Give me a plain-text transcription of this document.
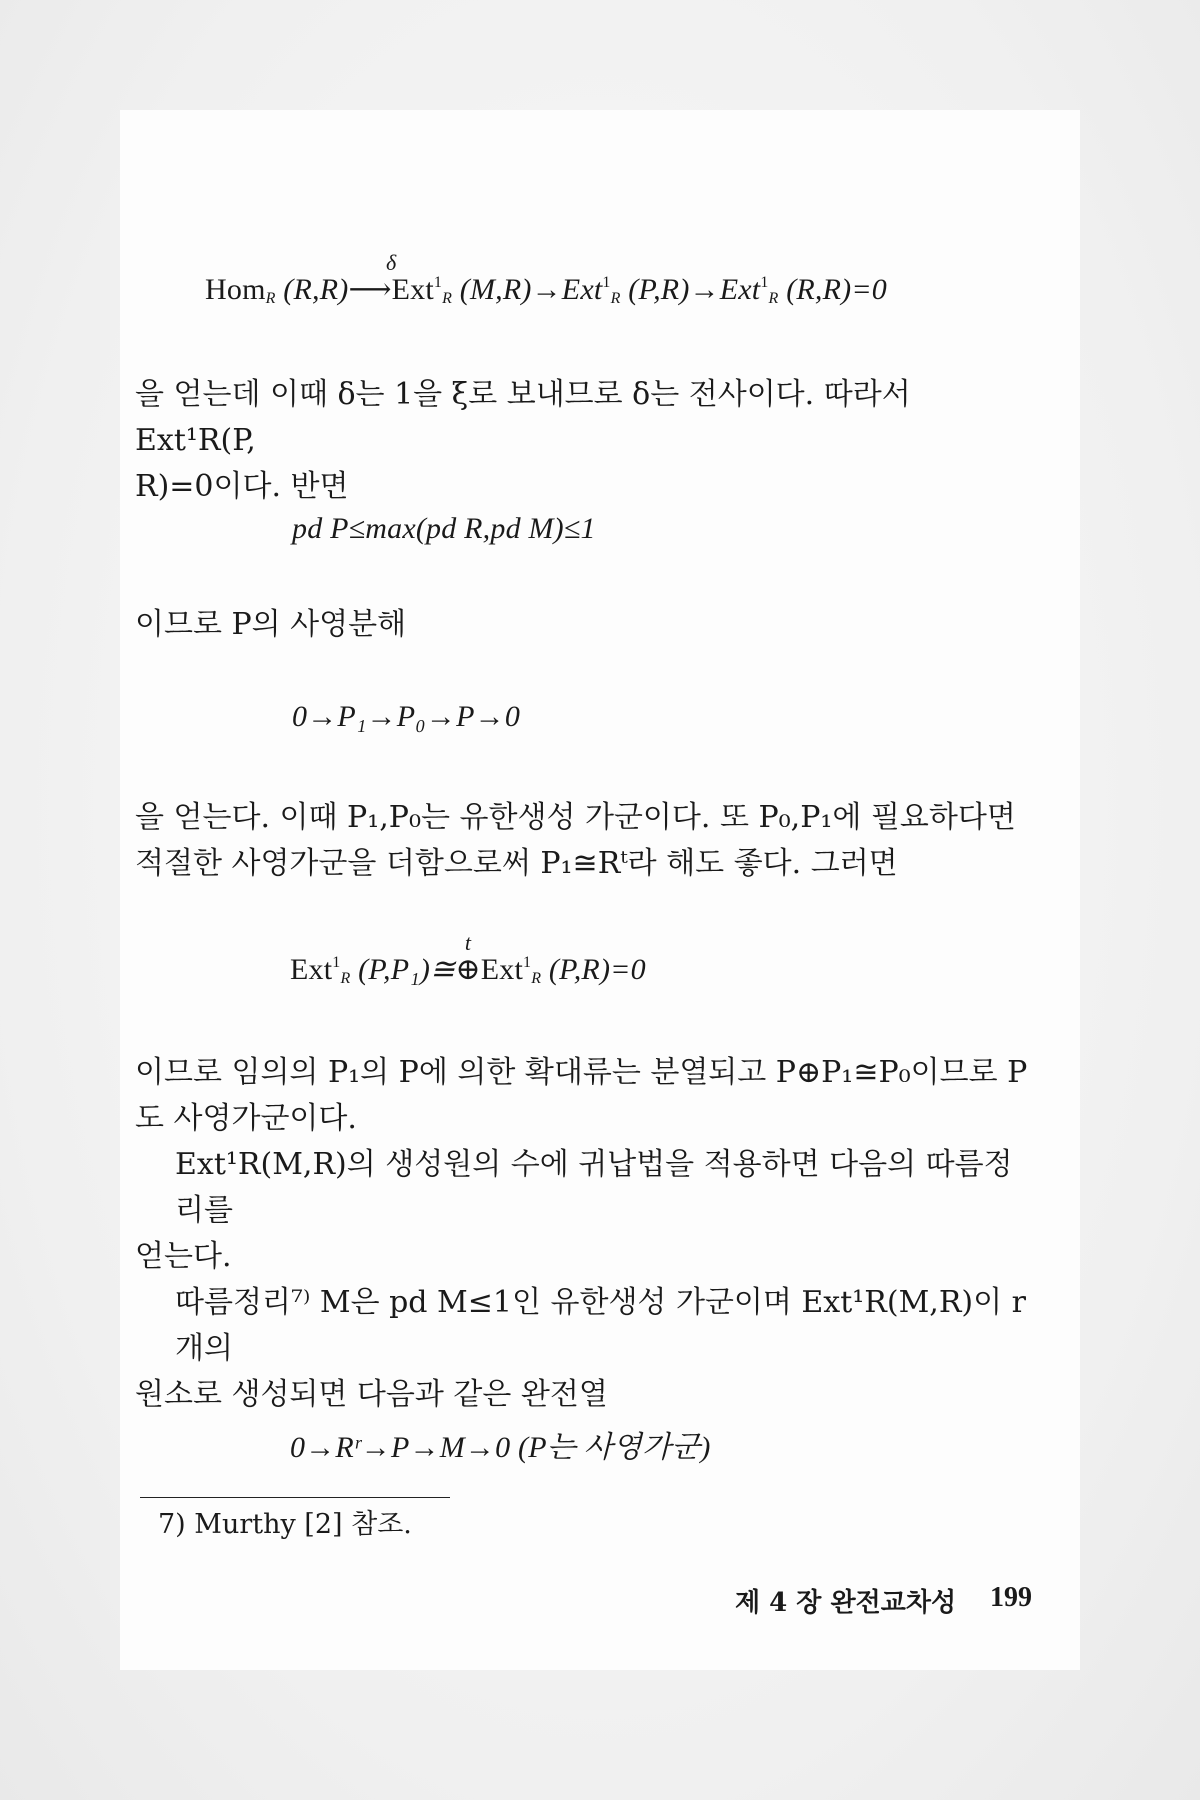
Hom$_R$ (R,R)
δ
⟶Ext$^1_R$ (M,R)→Ext$^1_R$ (P,R)→Ext$^1_R$ (R,R)=0
을 얻는데 이때 δ는 1을 ξ로 보내므로 δ는 전사이다. 따라서 Ext¹R(P,
R)=0이다. 반면
pd P≤max(pd R,pd M)≤1
이므로 P의 사영분해
0→P₁→P₀→P→0
을 얻는다. 이때 P₁,P₀는 유한생성 가군이다. 또 P₀,P₁에 필요하다면
적절한 사영가군을 더함으로써 P₁≅Rᵗ라 해도 좋다. 그러면
Ext$^1_R$ (P,P₁)≅
t
⊕Ext$^1_R$ (P,R)=0
이므로 임의의 P₁의 P에 의한 확대류는 분열되고 P⊕P₁≅P₀이므로 P
도 사영가군이다.
Ext¹R(M,R)의 생성원의 수에 귀납법을 적용하면 다음의 따름정리를
얻는다.
따름정리⁷⁾ M은 pd M≤1인 유한생성 가군이며 Ext¹R(M,R)이 r개의
원소로 생성되면 다음과 같은 완전열
0→Rʳ→P→M→0 (P는 사영가군)
7) Murthy [2] 참조.
제 4 장 완전교차성 199
